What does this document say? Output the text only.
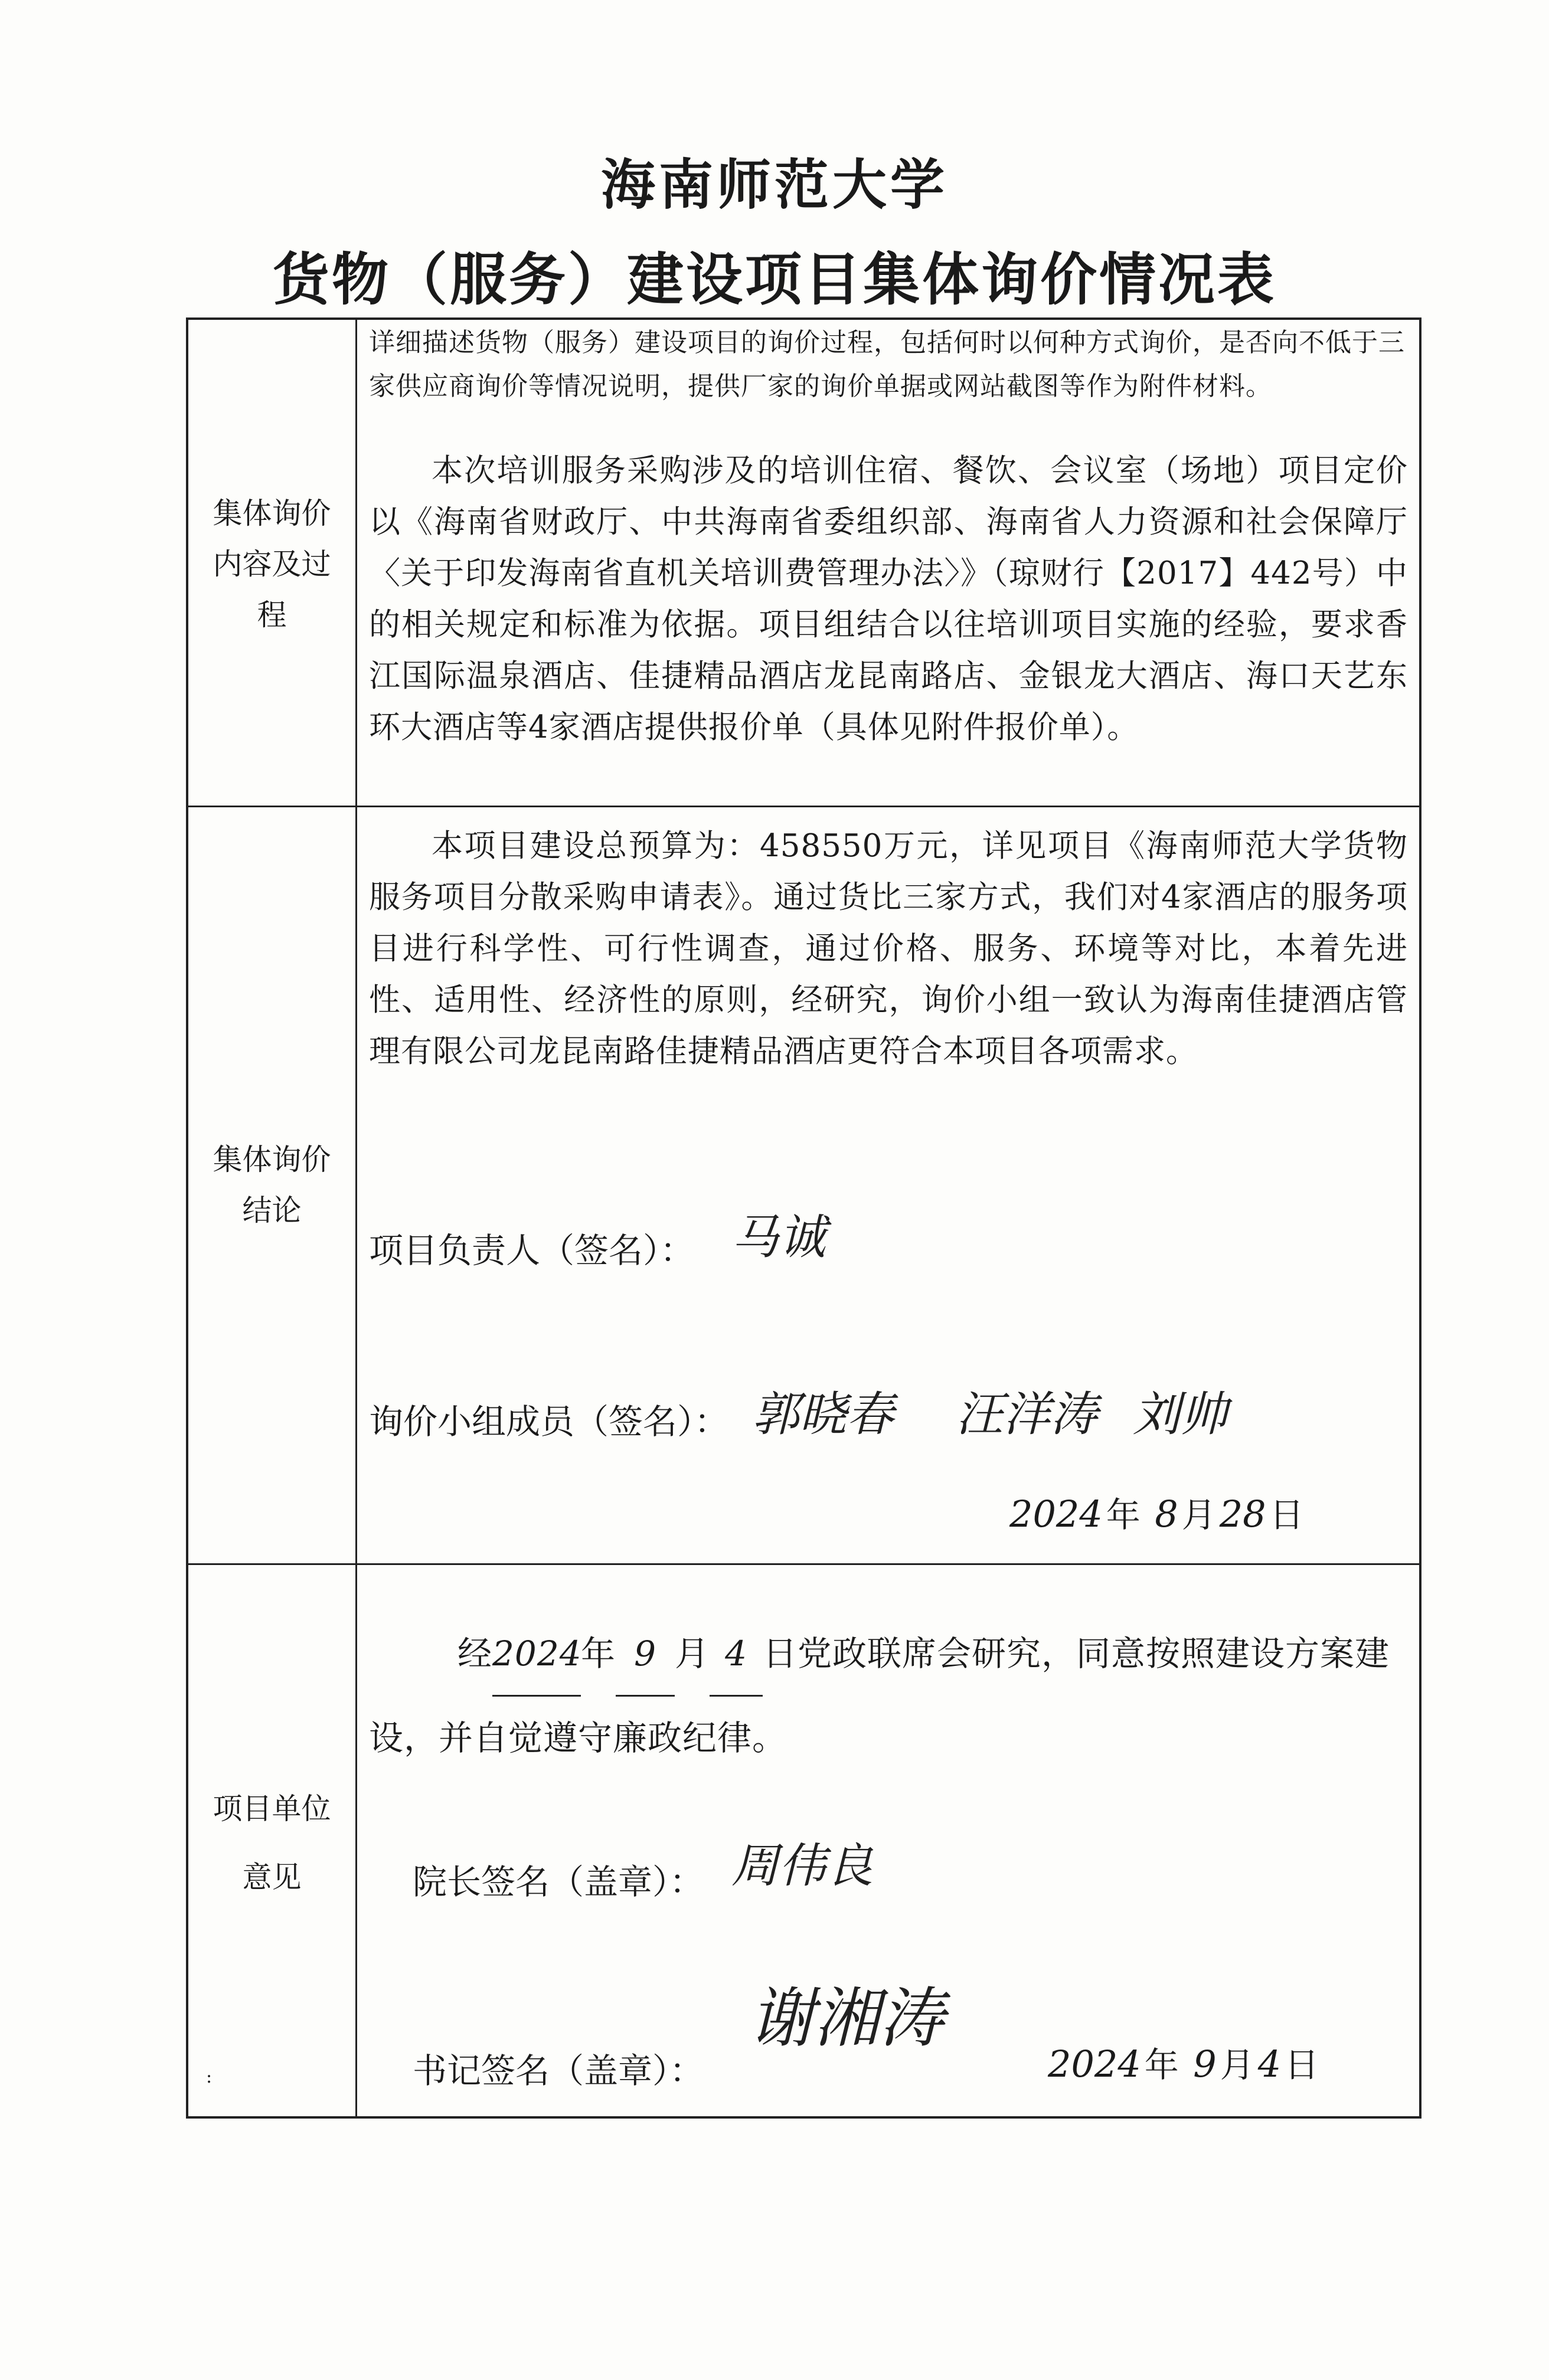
海南师范大学
货物（服务）建设项目集体询价情况表
集体询价
内容及过
程
详细描述货物（服务）建设项目的询价过程，包括何时以何种方式询价，是否向不低于三家供应商询价等情况说明，提供厂家的询价单据或网站截图等作为附件材料。
本次培训服务采购涉及的培训住宿、餐饮、会议室（场地）项目定价以《海南省财政厅、中共海南省委组织部、海南省人力资源和社会保障厅〈关于印发海南省直机关培训费管理办法〉》（琼财行【2017】442号）中的相关规定和标准为依据。项目组结合以往培训项目实施的经验，要求香江国际温泉酒店、佳捷精品酒店龙昆南路店、金银龙大酒店、海口天艺东环大酒店等4家酒店提供报价单（具体见附件报价单）。
集体询价
结论
本项目建设总预算为：458550万元，详见项目《海南师范大学货物服务项目分散采购申请表》。通过货比三家方式，我们对4家酒店的服务项目进行科学性、可行性调查，通过价格、服务、环境等对比，本着先进性、适用性、经济性的原则，经研究，询价小组一致认为海南佳捷酒店管理有限公司龙昆南路佳捷精品酒店更符合本项目各项需求。
项目负责人（签名）： 马诚
询价小组成员（签名）： 郭晓春 汪洋涛 刘帅
2024 年 8 月28 日
项目单位
意见
经2024年 9 月 4 日党政联席会研究，同意按照建设方案建设，并自觉遵守廉政纪律。
院长签名（盖章）： 周伟良
书记签名（盖章）：
谢湘涛
2024 年 9 月4 日
:
